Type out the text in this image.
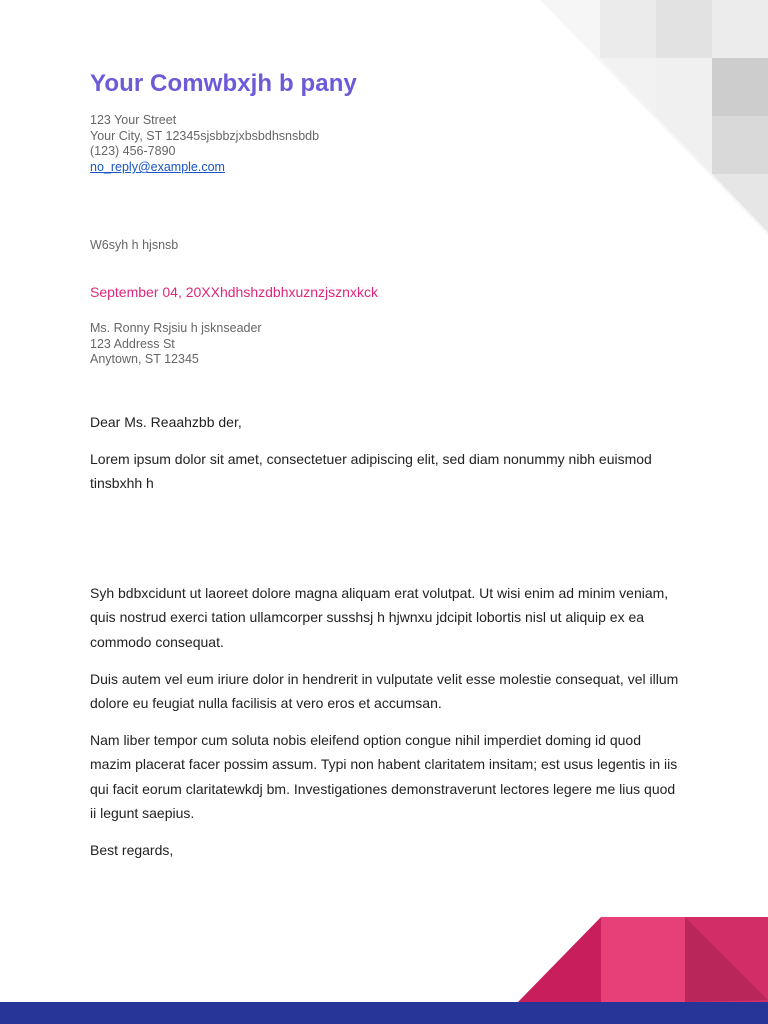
Your Comwbxjh b pany
123 Your Street
Your City, ST 12345sjsbbzjxbsbdhsnsbdb
(123) 456-7890
no_reply@example.com
W6syh h hjsnsb
September 04, 20XXhdhshzdbhxuznzjsznxkck
Ms. Ronny Rsjsiu h jsknseader
123 Address St
Anytown, ST 12345
Dear Ms. Reaahzbb der,
Lorem ipsum dolor sit amet, consectetuer adipiscing elit, sed diam nonummy nibh euismod tinsbxhh h
Syh bdbxcidunt ut laoreet dolore magna aliquam erat volutpat. Ut wisi enim ad minim veniam, quis nostrud exerci tation ullamcorper susshsj h hjwnxu jdcipit lobortis nisl ut aliquip ex ea commodo consequat.
Duis autem vel eum iriure dolor in hendrerit in vulputate velit esse molestie consequat, vel illum dolore eu feugiat nulla facilisis at vero eros et accumsan.
Nam liber tempor cum soluta nobis eleifend option congue nihil imperdiet doming id quod mazim placerat facer possim assum. Typi non habent claritatem insitam; est usus legentis in iis qui facit eorum claritatewkdj bm. Investigationes demonstraverunt lectores legere me lius quod ii legunt saepius.
Best regards,
